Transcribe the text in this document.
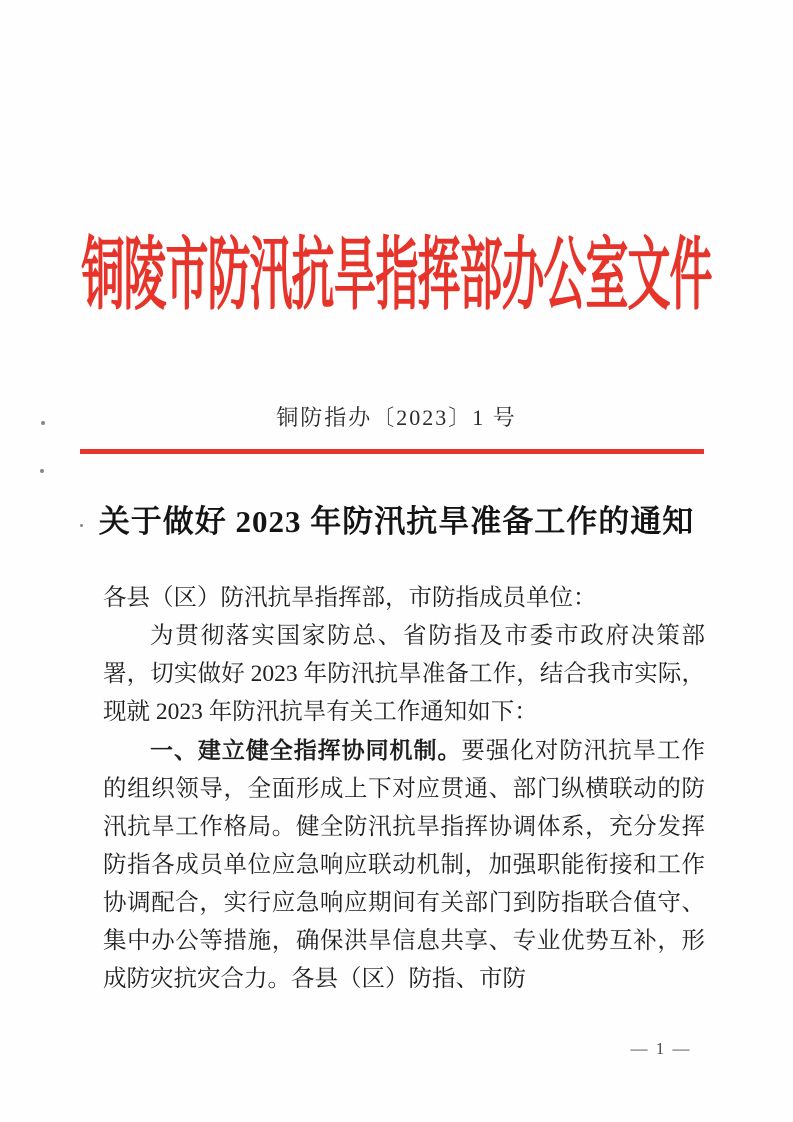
铜陵市防汛抗旱指挥部办公室文件
铜防指办〔2023〕1 号
关于做好 2023 年防汛抗旱准备工作的通知

各县（区）防汛抗旱指挥部，市防指成员单位：

为贯彻落实国家防总、省防指及市委市政府决策部署，切实做好 2023 年防汛抗旱准备工作，结合我市实际，现就 2023 年防汛抗旱有关工作通知如下：

一、建立健全指挥协同机制。要强化对防汛抗旱工作的组织领导，全面形成上下对应贯通、部门纵横联动的防汛抗旱工作格局。健全防汛抗旱指挥协调体系，充分发挥防指各成员单位应急响应联动机制，加强职能衔接和工作协调配合，实行应急响应期间有关部门到防指联合值守、集中办公等措施，确保洪旱信息共享、专业优势互补，形成防灾抗灾合力。各县（区）防指、市防

— 1 —
